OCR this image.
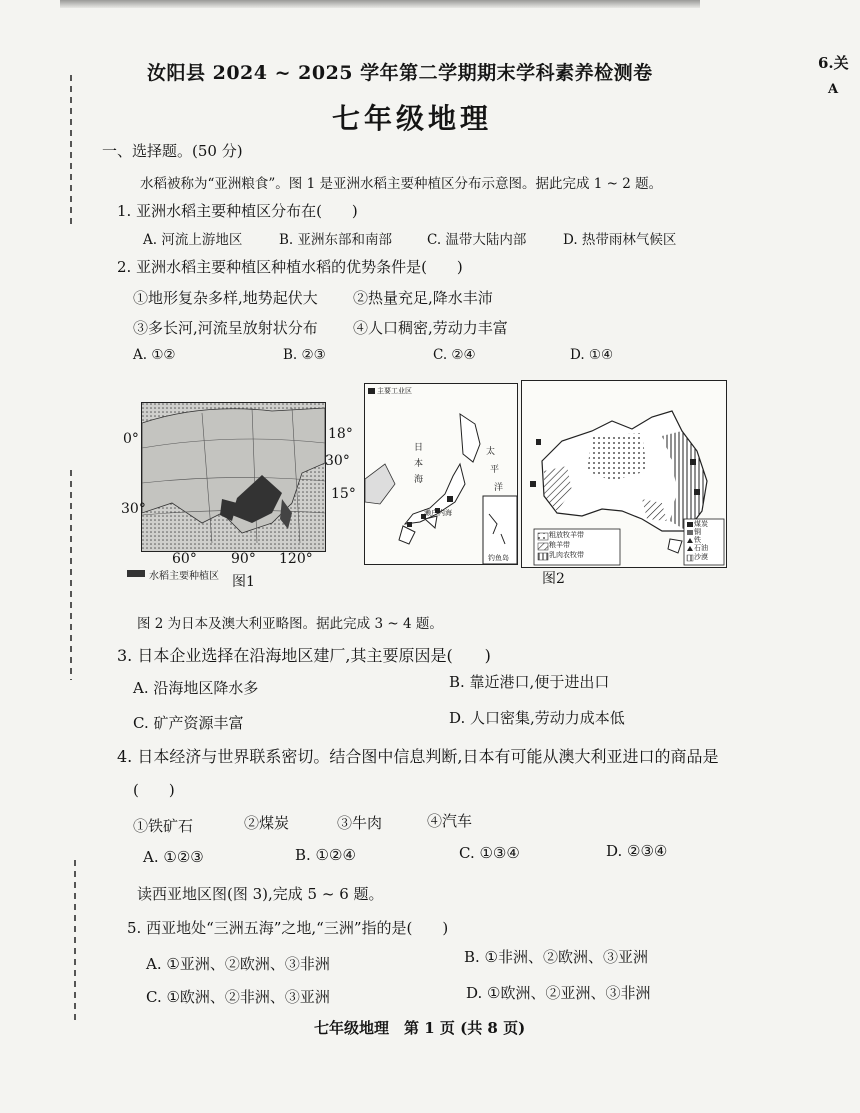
6.关
A
汝阳县 2024 ~ 2025 学年第二学期期末学科素养检测卷
七年级地理
一、选择题。(50 分)
水稻被称为“亚洲粮食”。图 1 是亚洲水稻主要种植区分布示意图。据此完成 1 ~ 2 题。
1. 亚洲水稻主要种植区分布在(　　)
A. 河流上游地区	B. 亚洲东部和南部	C. 温带大陆内部	D. 热带雨林气候区
2. 亚洲水稻主要种植区种植水稻的优势条件是(　　)
①地形复杂多样,地势起伏大 ②热量充足,降水丰沛
③多长河,河流呈放射状分布 ④人口稠密,劳动力丰富
A. ①②	B. ②③	C. ②④	D. ①④
0°
30°
18°
30°
15°
60° 90° 120°
水稻主要种植区 图1
主要工业区
日
本
海
太
平
洋
濑户内海
钓鱼岛
粗放牧羊带
粮羊带
乳肉农牧带
煤炭
铜
铁
石油
沙漠
图2
图 2 为日本及澳大利亚略图。据此完成 3 ~ 4 题。
3. 日本企业选择在沿海地区建厂,其主要原因是(　　)
A. 沿海地区降水多	B. 靠近港口,便于进出口
C. 矿产资源丰富	D. 人口密集,劳动力成本低
4. 日本经济与世界联系密切。结合图中信息判断,日本有可能从澳大利亚进口的商品是
(　　)
①铁矿石	②煤炭	③牛肉	④汽车
A. ①②③	B. ①②④	C. ①③④	D. ②③④
读西亚地区图(图 3),完成 5 ~ 6 题。
5. 西亚地处“三洲五海”之地,“三洲”指的是(　　)
A. ①亚洲、②欧洲、③非洲	B. ①非洲、②欧洲、③亚洲
C. ①欧洲、②非洲、③亚洲	D. ①欧洲、②亚洲、③非洲
七年级地理　第 1 页 (共 8 页)
